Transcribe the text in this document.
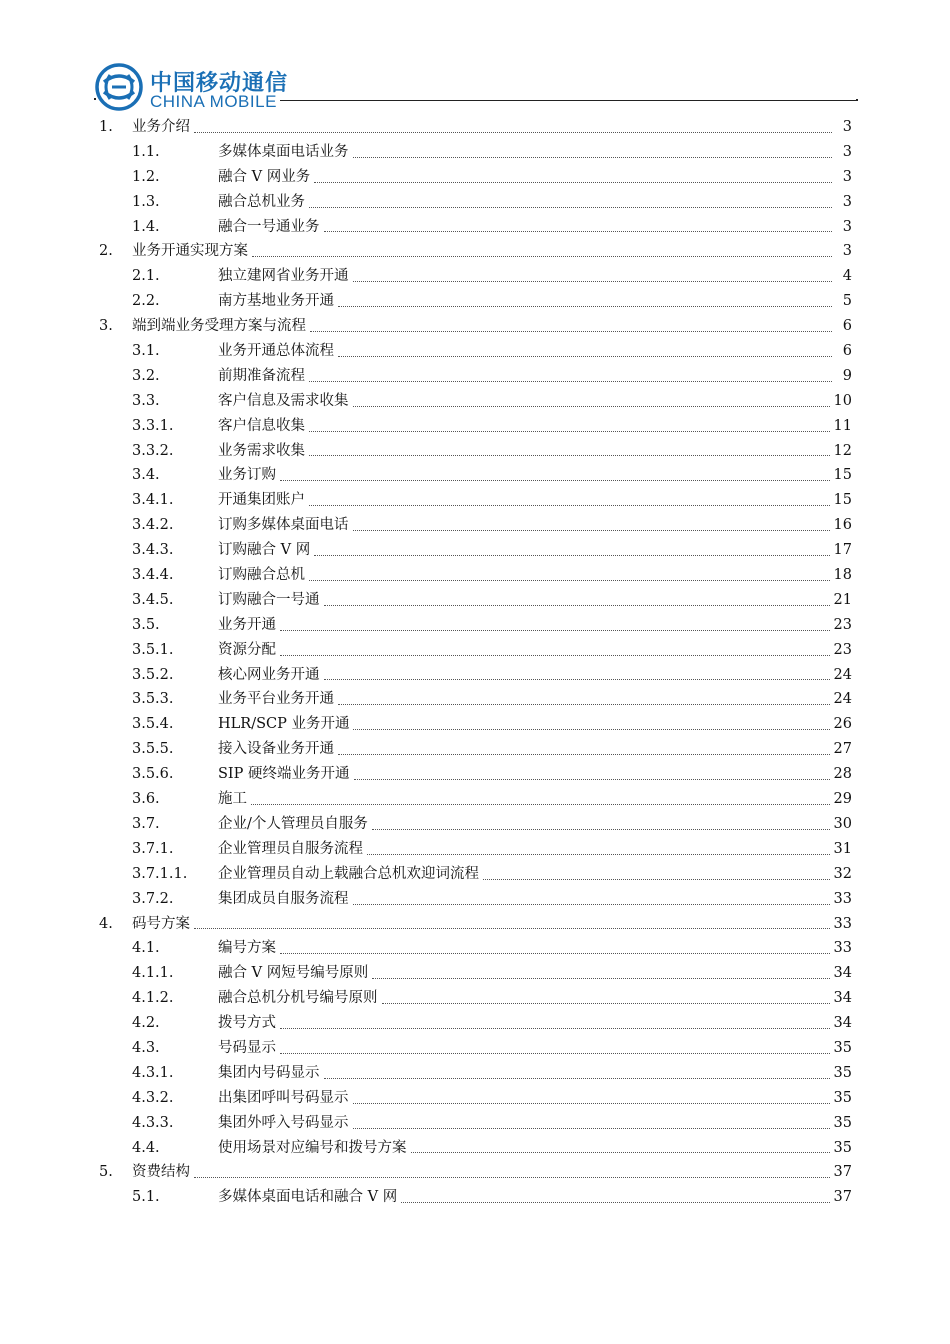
中国移动通信
CHINA MOBILE
1. 业务介绍	3
1.1.	多媒体桌面电话业务	3
1.2.	融合 V 网业务	3
1.3.	融合总机业务	3
1.4.	融合一号通业务	3
2. 业务开通实现方案	3
2.1.	独立建网省业务开通	4
2.2.	南方基地业务开通	5
3. 端到端业务受理方案与流程	6
3.1.	业务开通总体流程	6
3.2.	前期准备流程	9
3.3.	客户信息及需求收集	10
3.3.1.	客户信息收集	11
3.3.2.	业务需求收集	12
3.4.	业务订购	15
3.4.1.	开通集团账户	15
3.4.2.	订购多媒体桌面电话	16
3.4.3.	订购融合 V 网	17
3.4.4.	订购融合总机	18
3.4.5.	订购融合一号通	21
3.5.	业务开通	23
3.5.1.	资源分配	23
3.5.2.	核心网业务开通	24
3.5.3.	业务平台业务开通	24
3.5.4.	HLR/SCP 业务开通	26
3.5.5.	接入设备业务开通	27
3.5.6.	SIP 硬终端业务开通	28
3.6.	施工	29
3.7.	企业/个人管理员自服务	30
3.7.1.	企业管理员自服务流程	31
3.7.1.1. 企业管理员自动上载融合总机欢迎词流程	32
3.7.2.	集团成员自服务流程	33
4. 码号方案	33
4.1.	编号方案	33
4.1.1.	融合 V 网短号编号原则	34
4.1.2.	融合总机分机号编号原则	34
4.2.	拨号方式	34
4.3.	号码显示	35
4.3.1.	集团内号码显示	35
4.3.2.	出集团呼叫号码显示	35
4.3.3.	集团外呼入号码显示	35
4.4.	使用场景对应编号和拨号方案	35
5. 资费结构	37
5.1.	多媒体桌面电话和融合 V 网	37
